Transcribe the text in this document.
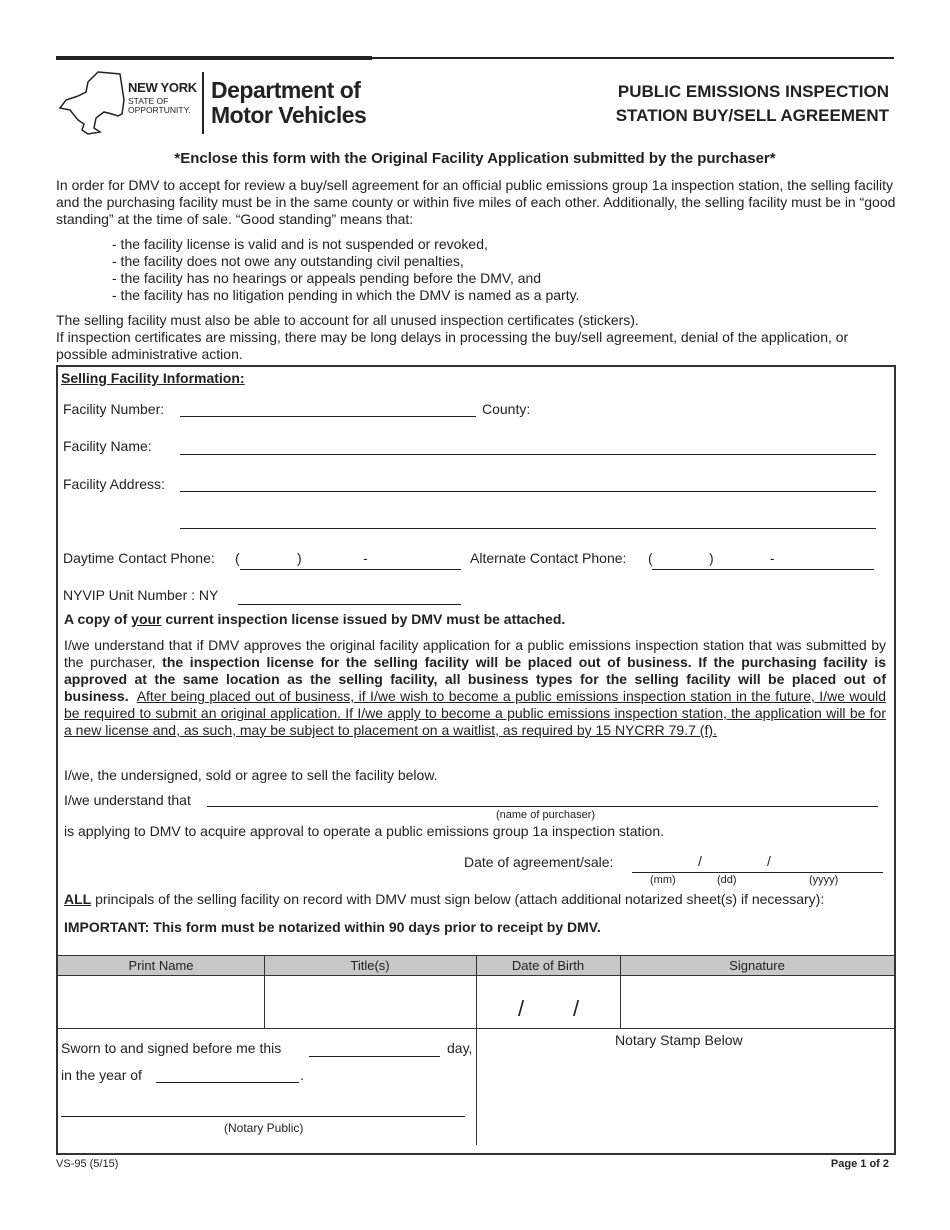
NEW YORK
STATE OF
OPPORTUNITY.
Department of
Motor Vehicles
PUBLIC EMISSIONS INSPECTION
STATION BUY/SELL AGREEMENT
*Enclose this form with the Original Facility Application submitted by the purchaser*
In order for DMV to accept for review a buy/sell agreement for an official public emissions group 1a inspection station, the selling facility and the purchasing facility must be in the same county or within five miles of each other. Additionally, the selling facility must be in “good standing” at the time of sale. “Good standing” means that:
- the facility license is valid and is not suspended or revoked,
- the facility does not owe any outstanding civil penalties,
- the facility has no hearings or appeals pending before the DMV, and
- the facility has no litigation pending in which the DMV is named as a party.
The selling facility must also be able to account for all unused inspection certificates (stickers).
If inspection certificates are missing, there may be long delays in processing the buy/sell agreement, denial of the application, or possible administrative action.
Selling Facility Information:
Facility Number:	County:
Facility Name:
Facility Address:
Daytime Contact Phone: (	)	-	Alternate Contact Phone: (	)	-
NYVIP Unit Number : NY
A copy of your current inspection license issued by DMV must be attached.
I/we understand that if DMV approves the original facility application for a public emissions inspection station that was submitted by the purchaser, the inspection license for the selling facility will be placed out of business. If the purchasing facility is approved at the same location as the selling facility, all business types for the selling facility will be placed out of business. After being placed out of business, if I/we wish to become a public emissions inspection station in the future, I/we would be required to submit an original application. If I/we apply to become a public emissions inspection station, the application will be for a new license and, as such, may be subject to placement on a waitlist, as required by 15 NYCRR 79.7 (f).
I/we, the undersigned, sold or agree to sell the facility below.
I/we understand that
(name of purchaser)
is applying to DMV to acquire approval to operate a public emissions group 1a inspection station.
Date of agreement/sale:	/	/
(mm)	(dd)	(yyyy)
ALL principals of the selling facility on record with DMV must sign below (attach additional notarized sheet(s) if necessary):
IMPORTANT: This form must be notarized within 90 days prior to receipt by DMV.
Print Name	Title(s)	Date of Birth	Signature
/ /
Sworn to and signed before me this	day,
in the year of	.
(Notary Public)
Notary Stamp Below
VS-95 (5/15)	Page 1 of 2
